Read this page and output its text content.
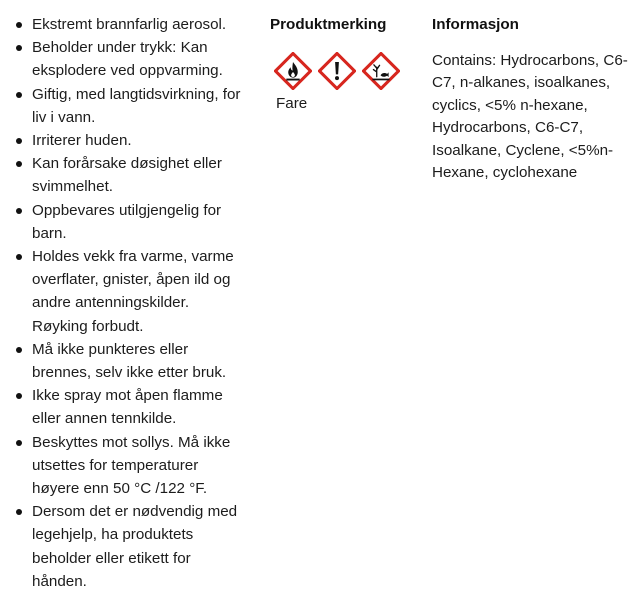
Ekstremt brannfarlig aerosol.
Beholder under trykk: Kan eksplodere ved oppvarming.
Giftig, med langtidsvirkning, for liv i vann.
Irriterer huden.
Kan forårsake døsighet eller svimmelhet.
Oppbevares utilgjengelig for barn.
Holdes vekk fra varme, varme overflater, gnister, åpen ild og andre antenningskilder. Røyking forbudt.
Må ikke punkteres eller brennes, selv ikke etter bruk.
Ikke spray mot åpen flamme eller annen tennkilde.
Beskyttes mot sollys. Må ikke utsettes for temperaturer høyere enn 50 °C /122 °F.
Dersom det er nødvendig med legehjelp, ha produktets beholder eller etikett for hånden.
Produktmerking
Fare
Informasjon
Contains: Hydrocarbons, C6-C7, n-alkanes, isoalkanes, cyclics, <5% n-hexane, Hydrocarbons, C6-C7, Isoalkane, Cyclene, <5%n-Hexane, cyclohexane
